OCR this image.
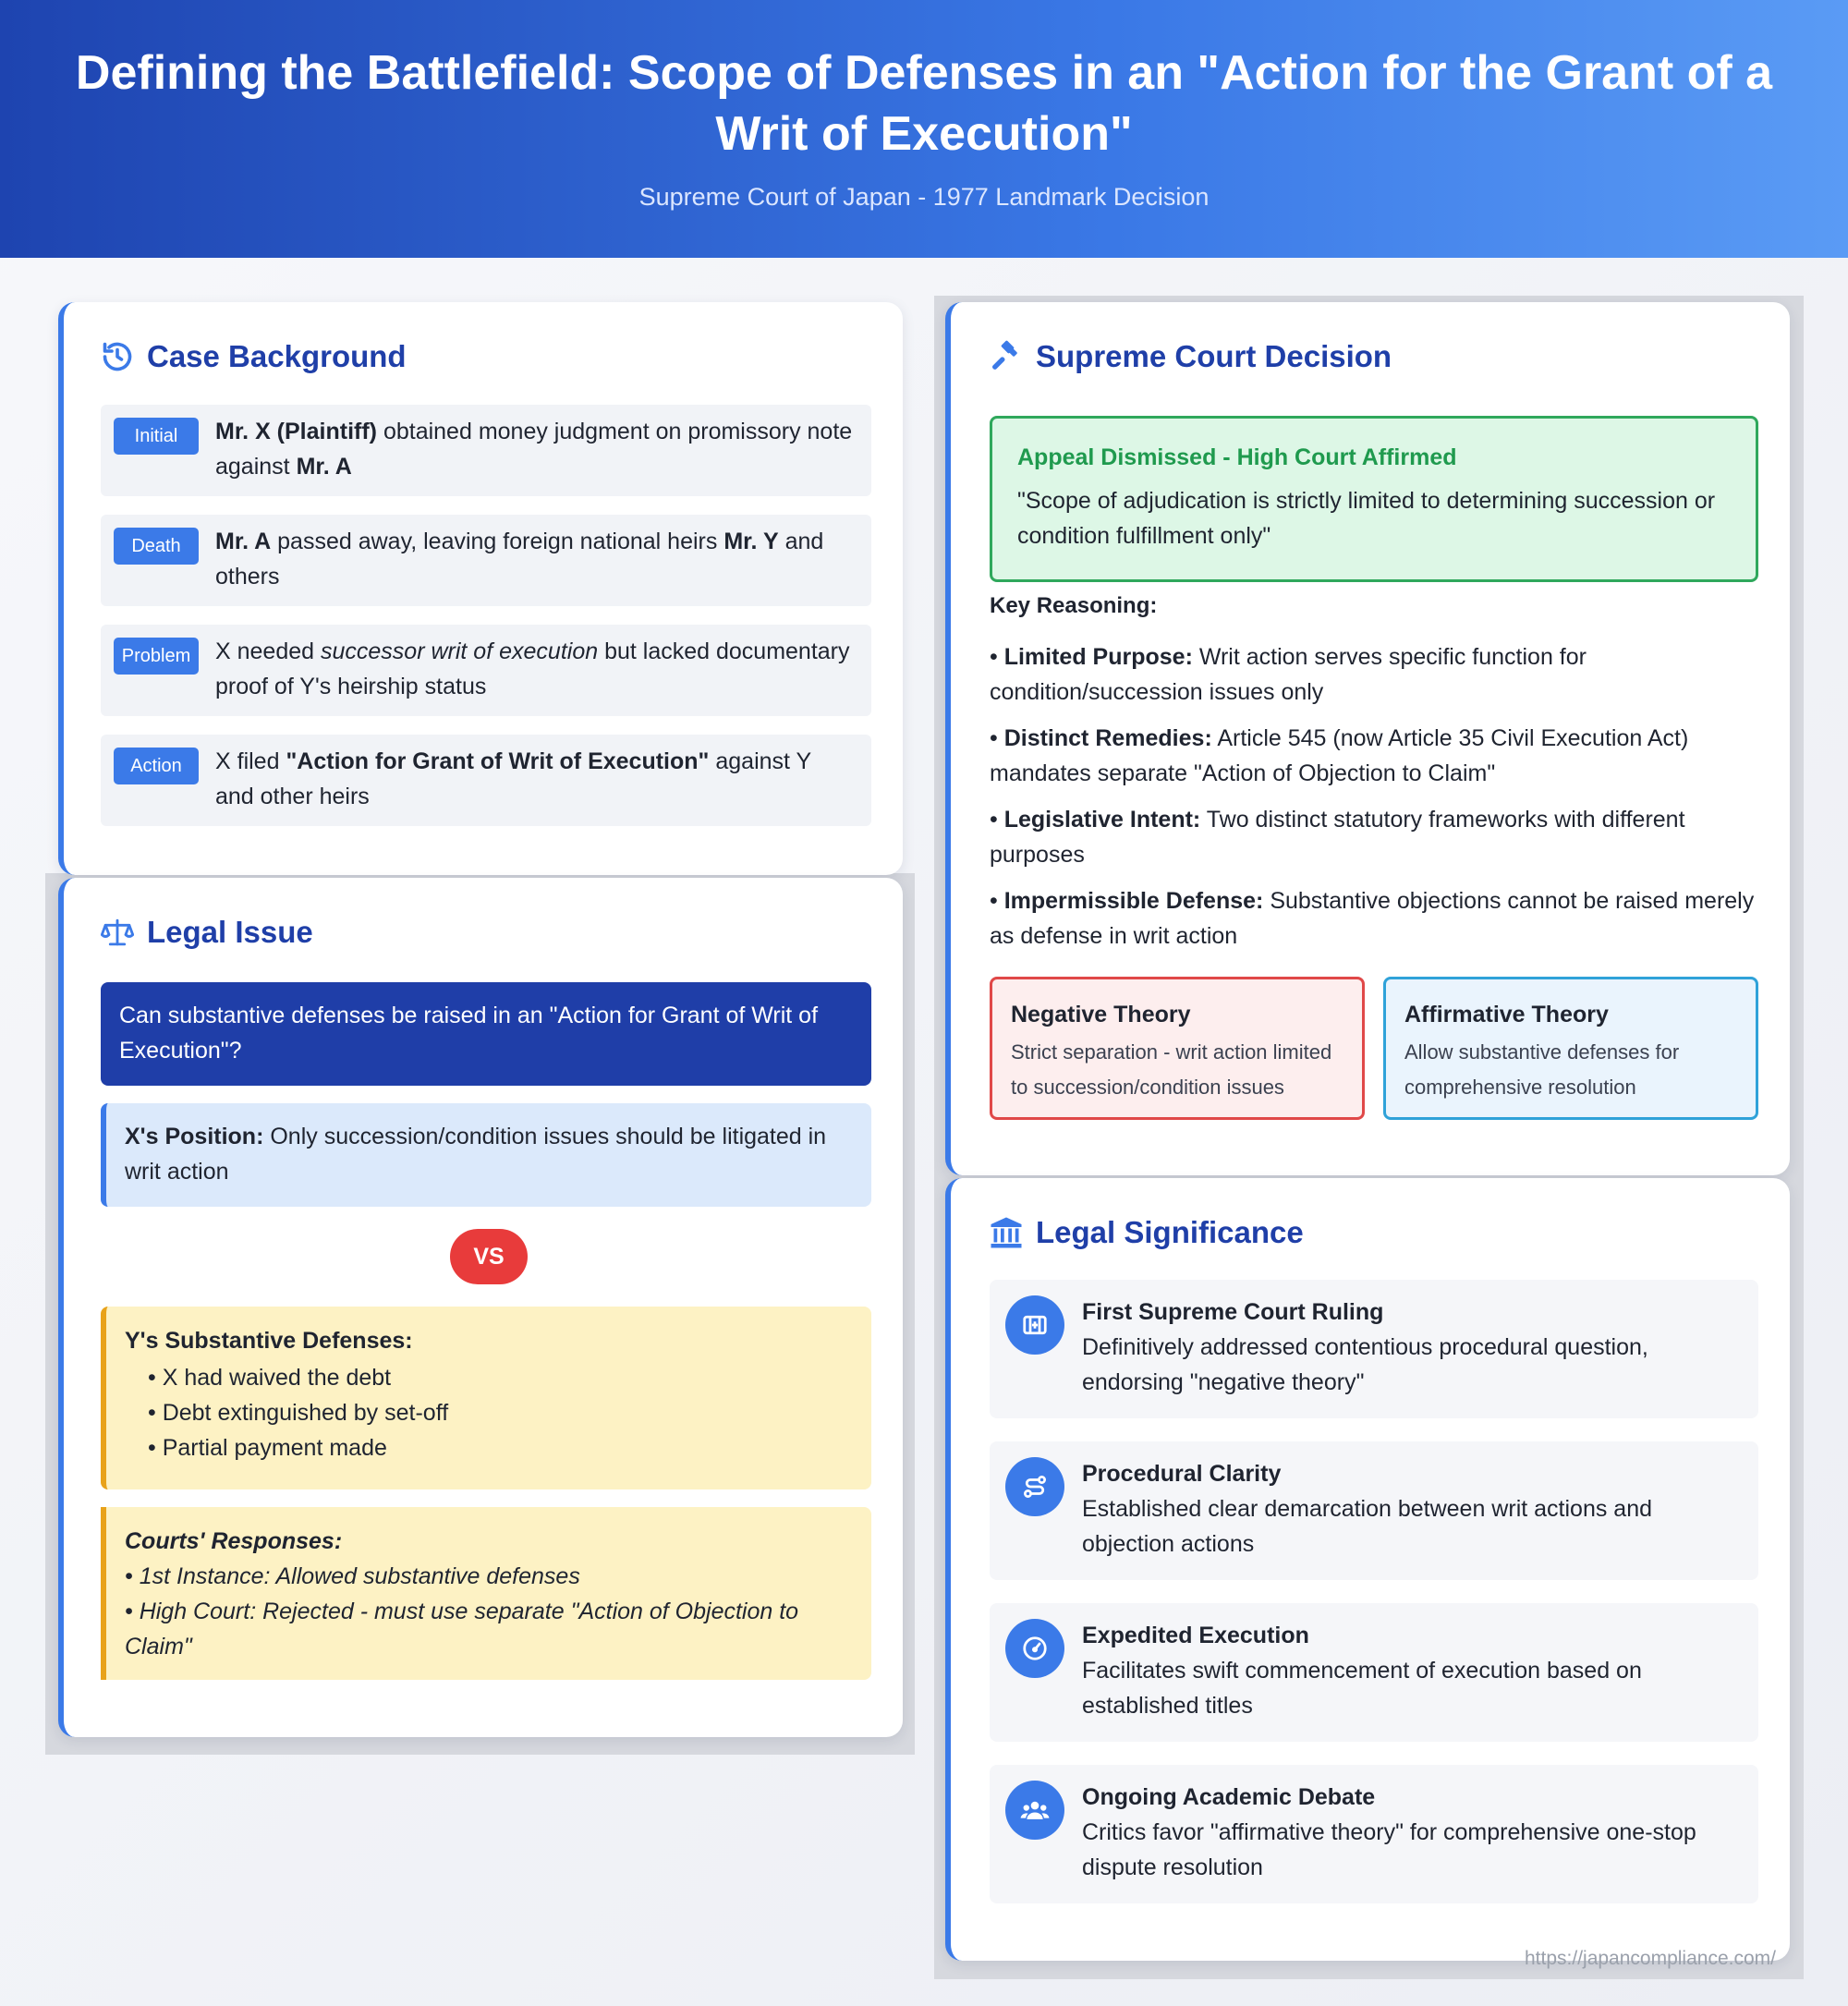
Defining the Battlefield: Scope of Defenses in an "Action for the Grant of a Writ of Execution"
Supreme Court of Japan - 1977 Landmark Decision
Case Background
Initial	Mr. X (Plaintiff) obtained money judgment on promissory note against Mr. A
Death	Mr. A passed away, leaving foreign national heirs Mr. Y and others
Problem	X needed successor writ of execution but lacked documentary proof of Y's heirship status
Action	X filed "Action for Grant of Writ of Execution" against Y and other heirs
Legal Issue
Can substantive defenses be raised in an "Action for Grant of Writ of Execution"?
X's Position: Only succession/condition issues should be litigated in writ action
VS
Y's Substantive Defenses:
• X had waived the debt
• Debt extinguished by set-off
• Partial payment made
Courts' Responses:
• 1st Instance: Allowed substantive defenses
• High Court: Rejected - must use separate "Action of Objection to Claim"
Supreme Court Decision
Appeal Dismissed - High Court Affirmed
"Scope of adjudication is strictly limited to determining succession or condition fulfillment only"
Key Reasoning:
• Limited Purpose: Writ action serves specific function for condition/succession issues only
• Distinct Remedies: Article 545 (now Article 35 Civil Execution Act) mandates separate "Action of Objection to Claim"
• Legislative Intent: Two distinct statutory frameworks with different purposes
• Impermissible Defense: Substantive objections cannot be raised merely as defense in writ action
Negative Theory
Strict separation - writ action limited to succession/condition issues
Affirmative Theory
Allow substantive defenses for comprehensive resolution
Legal Significance
First Supreme Court Ruling
Definitively addressed contentious procedural question, endorsing "negative theory"
Procedural Clarity
Established clear demarcation between writ actions and objection actions
Expedited Execution
Facilitates swift commencement of execution based on established titles
Ongoing Academic Debate
Critics favor "affirmative theory" for comprehensive one-stop dispute resolution
https://japancompliance.com/
